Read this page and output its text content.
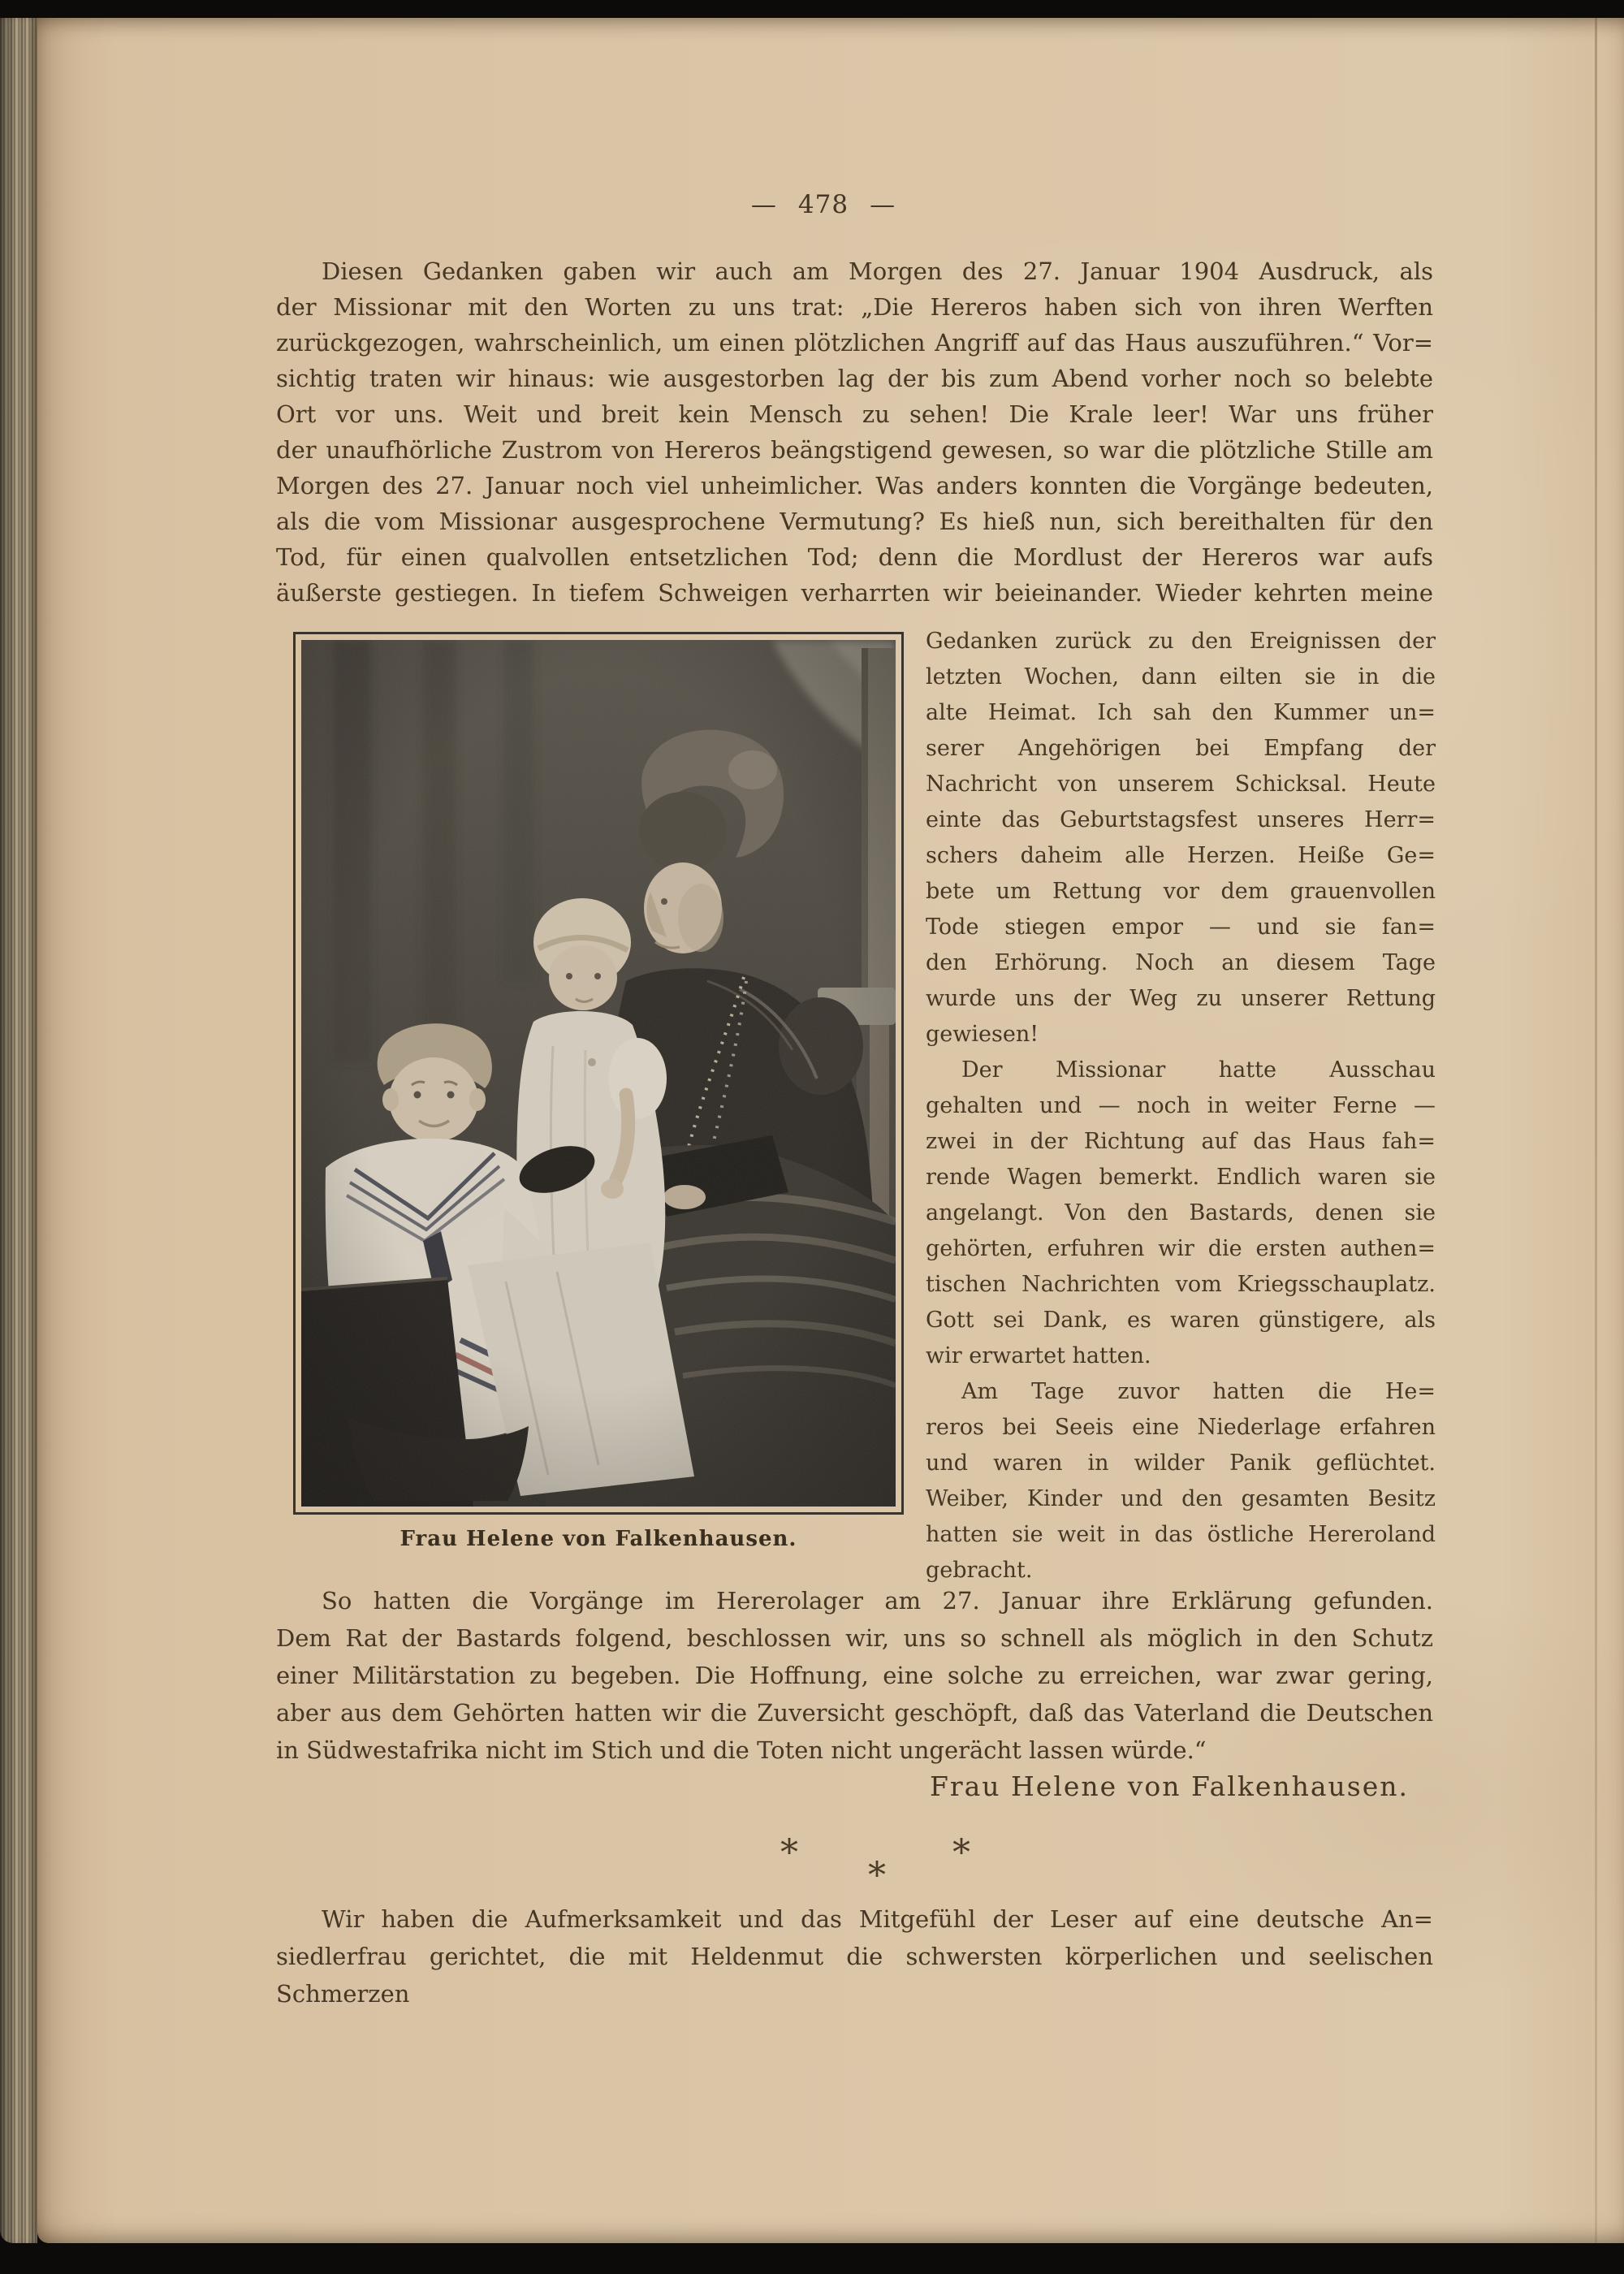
— 478 —
Diesen Gedanken gaben wir auch am Morgen des 27. Januar 1904 Ausdruck, als
der Missionar mit den Worten zu uns trat: „Die Hereros haben sich von ihren Werften
zurückgezogen, wahrscheinlich, um einen plötzlichen Angriff auf das Haus auszuführen.“ Vor=
sichtig traten wir hinaus: wie ausgestorben lag der bis zum Abend vorher noch so belebte
Ort vor uns. Weit und breit kein Mensch zu sehen! Die Krale leer! War uns früher
der unaufhörliche Zustrom von Hereros beängstigend gewesen, so war die plötzliche Stille am
Morgen des 27. Januar noch viel unheimlicher. Was anders konnten die Vorgänge bedeuten,
als die vom Missionar ausgesprochene Vermutung? Es hieß nun, sich bereithalten für den
Tod, für einen qualvollen entsetzlichen Tod; denn die Mordlust der Hereros war aufs
äußerste gestiegen. In tiefem Schweigen verharrten wir beieinander. Wieder kehrten meine
Frau Helene von Falkenhausen.
Gedanken zurück zu den Ereignissen der
letzten Wochen, dann eilten sie in die
alte Heimat. Ich sah den Kummer un=
serer Angehörigen bei Empfang der
Nachricht von unserem Schicksal. Heute
einte das Geburtstagsfest unseres Herr=
schers daheim alle Herzen. Heiße Ge=
bete um Rettung vor dem grauenvollen
Tode stiegen empor — und sie fan=
den Erhörung. Noch an diesem Tage
wurde uns der Weg zu unserer Rettung
gewiesen!
Der Missionar hatte Ausschau
gehalten und — noch in weiter Ferne —
zwei in der Richtung auf das Haus fah=
rende Wagen bemerkt. Endlich waren sie
angelangt. Von den Bastards, denen sie
gehörten, erfuhren wir die ersten authen=
tischen Nachrichten vom Kriegsschauplatz.
Gott sei Dank, es waren günstigere, als
wir erwartet hatten.
Am Tage zuvor hatten die He=
reros bei Seeis eine Niederlage erfahren
und waren in wilder Panik geflüchtet.
Weiber, Kinder und den gesamten Besitz
hatten sie weit in das östliche Hereroland
gebracht.
So hatten die Vorgänge im Hererolager am 27. Januar ihre Erklärung gefunden.
Dem Rat der Bastards folgend, beschlossen wir, uns so schnell als möglich in den Schutz
einer Militärstation zu begeben. Die Hoffnung, eine solche zu erreichen, war zwar gering,
aber aus dem Gehörten hatten wir die Zuversicht geschöpft, daß das Vaterland die Deutschen
in Südwestafrika nicht im Stich und die Toten nicht ungerächt lassen würde.“
Frau Helene von Falkenhausen.
*	*
*
Wir haben die Aufmerksamkeit und das Mitgefühl der Leser auf eine deutsche An=
siedlerfrau gerichtet, die mit Heldenmut die schwersten körperlichen und seelischen Schmerzen
